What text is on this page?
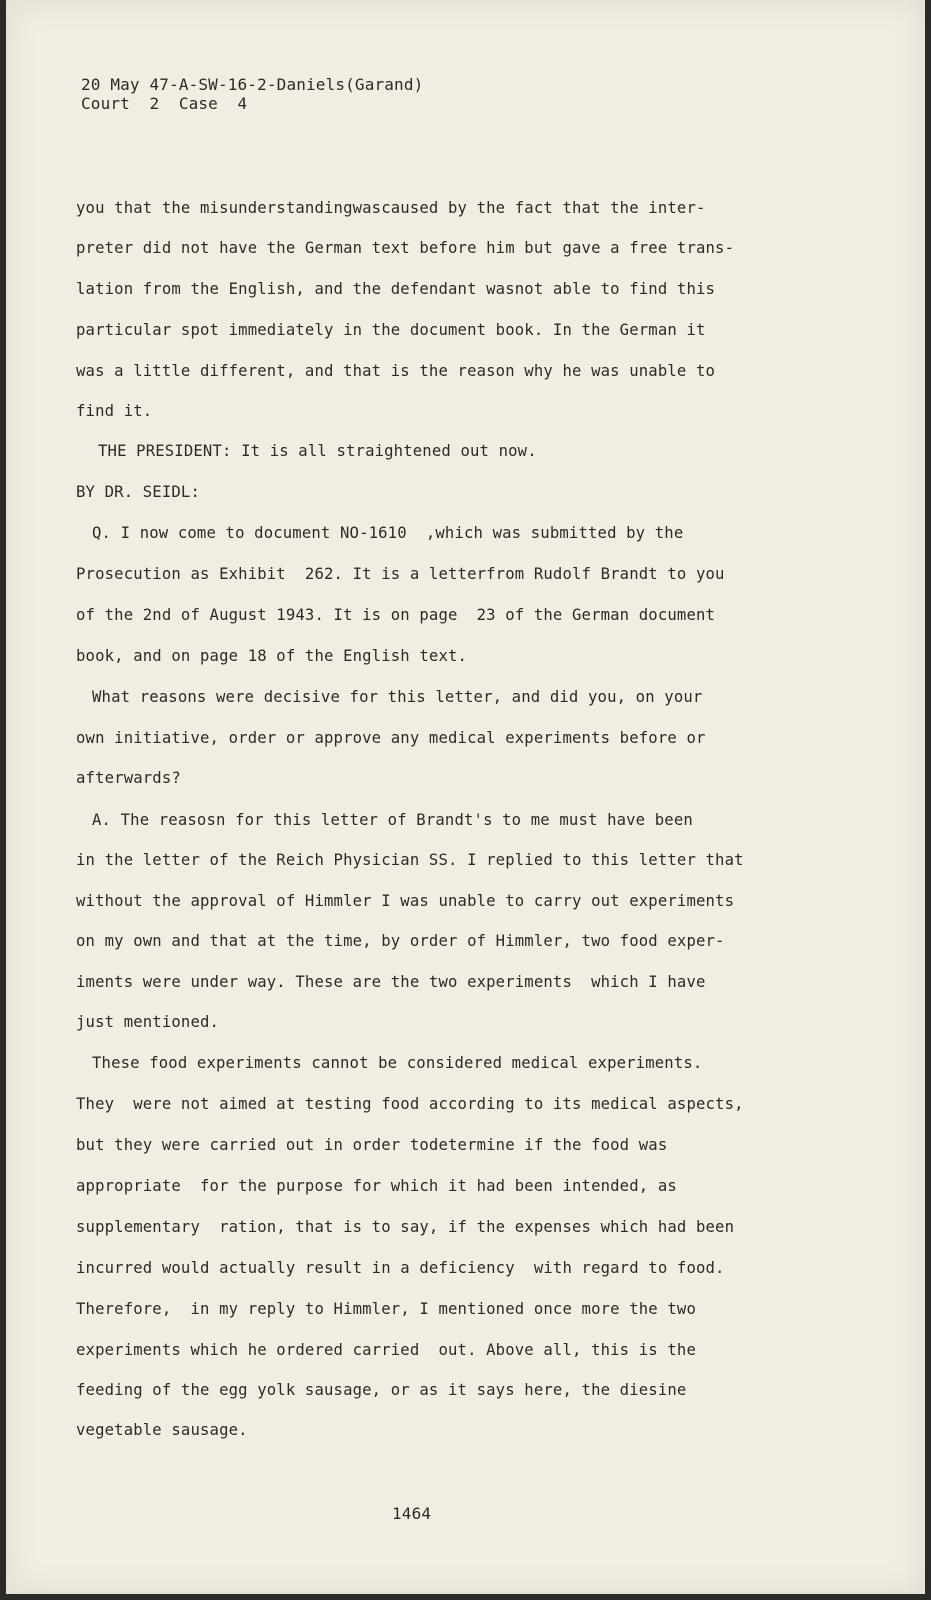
20 May 47-A-SW-16-2-Daniels(Garand)
Court  2  Case  4
you that the misunderstandingwascaused by the fact that the inter-
preter did not have the German text before him but gave a free trans-
lation from the English, and the defendant wasnot able to find this
particular spot immediately in the document book. In the German it
was a little different, and that is the reason why he was unable to
find it.
THE PRESIDENT: It is all straightened out now.
BY DR. SEIDL:
Q. I now come to document NO-1610  ,which was submitted by the
Prosecution as Exhibit  262. It is a letterfrom Rudolf Brandt to you
of the 2nd of August 1943. It is on page  23 of the German document
book, and on page 18 of the English text.
What reasons were decisive for this letter, and did you, on your
own initiative, order or approve any medical experiments before or
afterwards?
A. The reasosn for this letter of Brandt's to me must have been
in the letter of the Reich Physician SS. I replied to this letter that
without the approval of Himmler I was unable to carry out experiments
on my own and that at the time, by order of Himmler, two food exper-
iments were under way. These are the two experiments  which I have
just mentioned.
These food experiments cannot be considered medical experiments.
They  were not aimed at testing food according to its medical aspects,
but they were carried out in order todetermine if the food was
appropriate  for the purpose for which it had been intended, as
supplementary  ration, that is to say, if the expenses which had been
incurred would actually result in a deficiency  with regard to food.
Therefore,  in my reply to Himmler, I mentioned once more the two
experiments which he ordered carried  out. Above all, this is the
feeding of the egg yolk sausage, or as it says here, the diesine
vegetable sausage.
1464
